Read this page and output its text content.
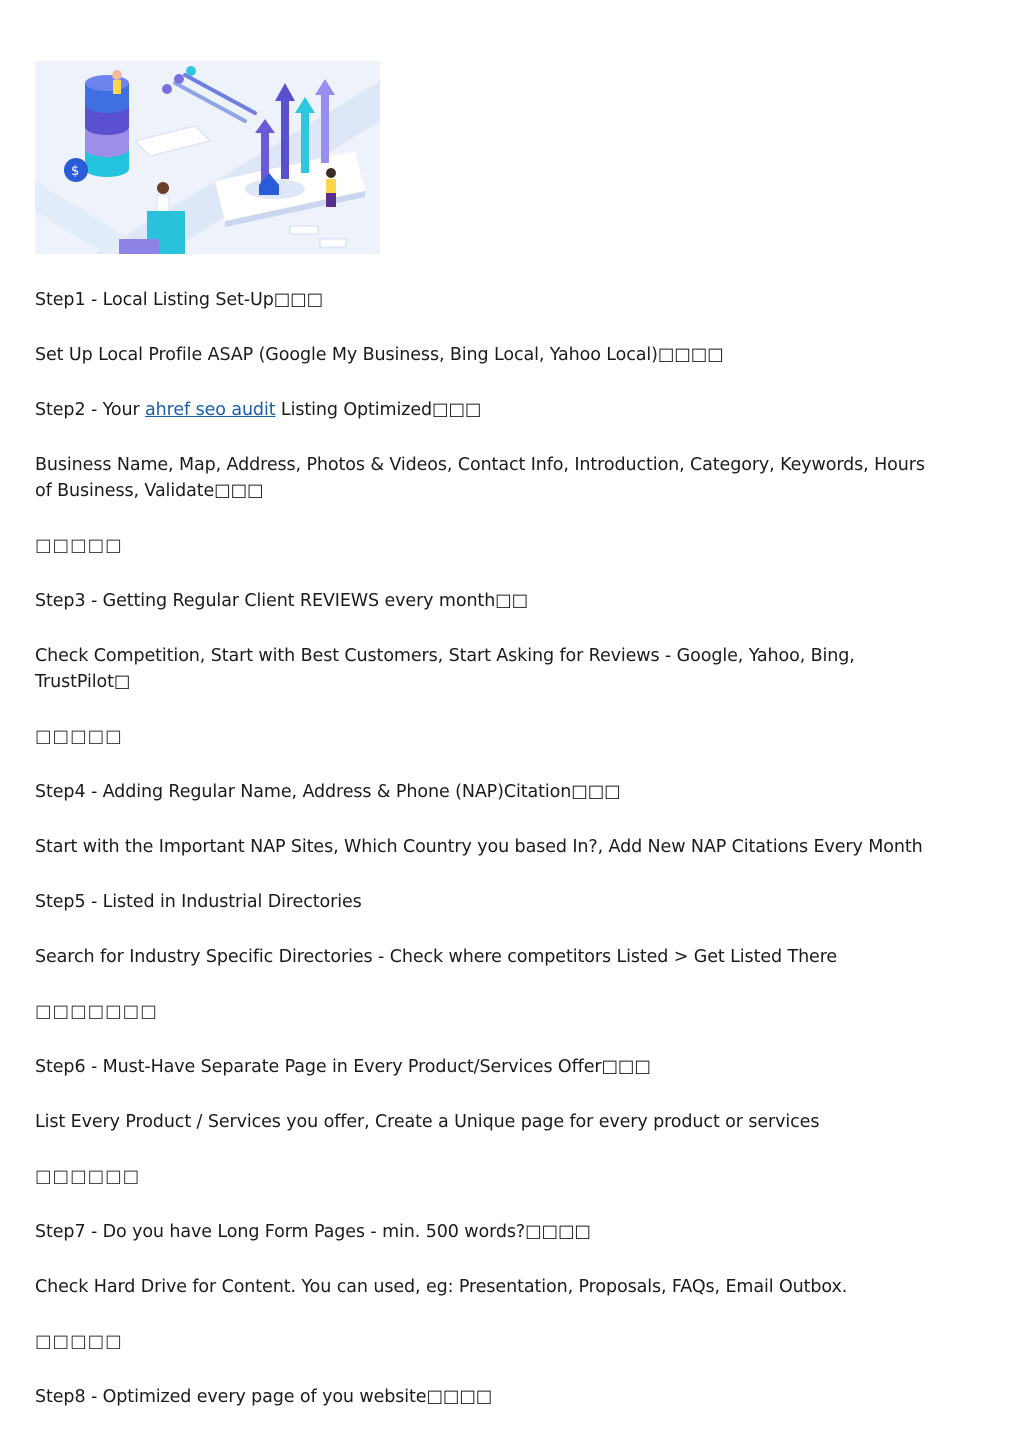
$

Step1 - Local Listing Set-Up□□□

Set Up Local Profile ASAP (Google My Business, Bing Local, Yahoo Local)□□□□

Step2 - Your ahref seo audit Listing Optimized□□□

Business Name, Map, Address, Photos & Videos, Contact Info, Introduction, Category, Keywords, Hours of Business, Validate□□□

□□□□□

Step3 - Getting Regular Client REVIEWS every month□□

Check Competition, Start with Best Customers, Start Asking for Reviews - Google, Yahoo, Bing, TrustPilot□

□□□□□

Step4 - Adding Regular Name, Address & Phone (NAP)Citation□□□

Start with the Important NAP Sites, Which Country you based In?, Add New NAP Citations Every Month

Step5 - Listed in Industrial Directories

Search for Industry Specific Directories - Check where competitors Listed > Get Listed There

□□□□□□□

Step6 - Must-Have Separate Page in Every Product/Services Offer□□□

List Every Product / Services you offer, Create a Unique page for every product or services

□□□□□□

Step7 - Do you have Long Form Pages - min. 500 words?□□□□

Check Hard Drive for Content. You can used, eg: Presentation, Proposals, FAQs, Email Outbox.

□□□□□

Step8 - Optimized every page of you website□□□□
